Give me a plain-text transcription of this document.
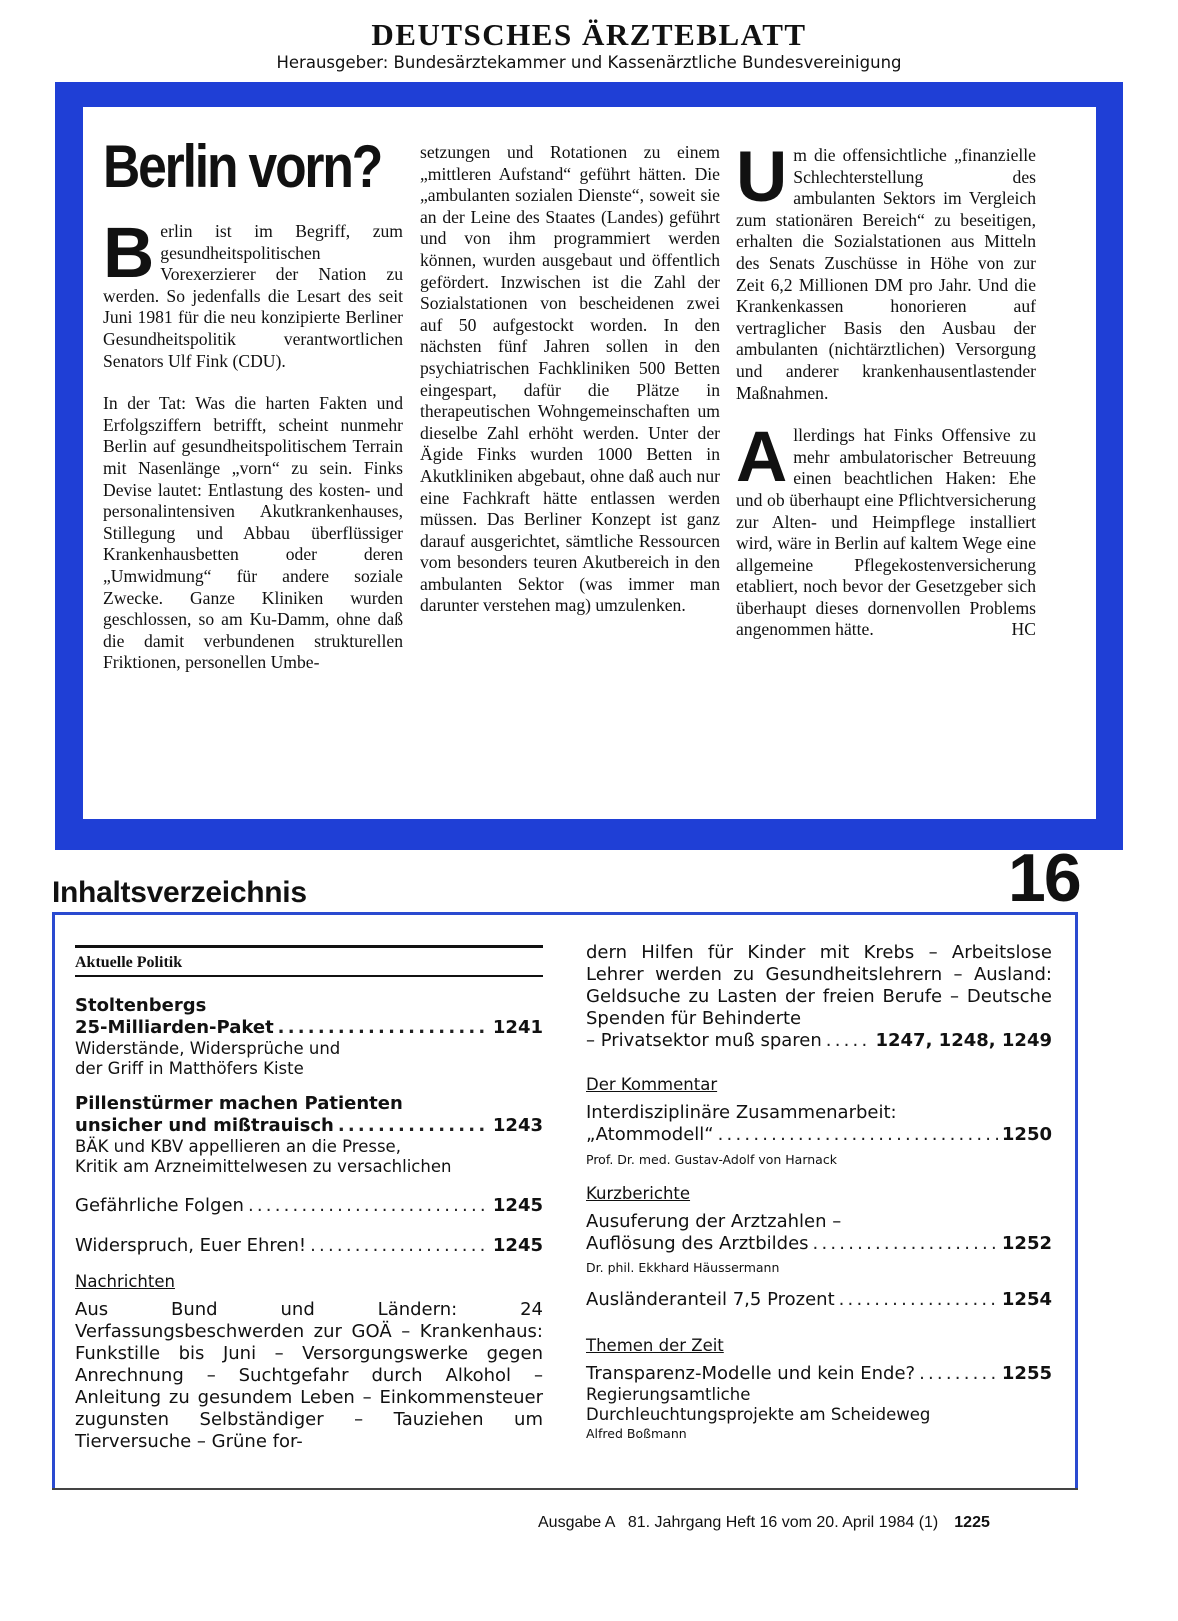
DEUTSCHES ÄRZTEBLATT
Herausgeber: Bundesärztekammer und Kassenärztliche Bundesvereinigung
Berlin vorn?

Berlin ist im Begriff, zum gesundheitspolitischen Vorexerzierer der Nation zu werden. So jedenfalls die Lesart des seit Juni 1981 für die neu konzipierte Berliner Gesundheitspolitik verantwortlichen Senators Ulf Fink (CDU).

In der Tat: Was die harten Fakten und Erfolgsziffern betrifft, scheint nunmehr Berlin auf gesundheitspolitischem Terrain mit Nasenlänge „vorn“ zu sein. Finks Devise lautet: Entlastung des kosten- und personalintensiven Akutkrankenhauses, Stillegung und Abbau überflüssiger Krankenhausbetten oder deren „Umwidmung“ für andere soziale Zwecke. Ganze Kliniken wurden geschlossen, so am Ku-Damm, ohne daß die damit verbundenen strukturellen Friktionen, personellen Umbe-

setzungen und Rotationen zu einem „mittleren Aufstand“ geführt hätten. Die „ambulanten sozialen Dienste“, soweit sie an der Leine des Staates (Landes) geführt und von ihm programmiert werden können, wurden ausgebaut und öffentlich gefördert. Inzwischen ist die Zahl der Sozialstationen von bescheidenen zwei auf 50 aufgestockt worden. In den nächsten fünf Jahren sollen in den psychiatrischen Fachkliniken 500 Betten eingespart, dafür die Plätze in therapeutischen Wohngemeinschaften um dieselbe Zahl erhöht werden. Unter der Ägide Finks wurden 1000 Betten in Akutkliniken abgebaut, ohne daß auch nur eine Fachkraft hätte entlassen werden müssen. Das Berliner Konzept ist ganz darauf ausgerichtet, sämtliche Ressourcen vom besonders teuren Akutbereich in den ambulanten Sektor (was immer man darunter verstehen mag) umzulenken.

Um die offensichtliche „finanzielle Schlechterstellung des ambulanten Sektors im Vergleich zum stationären Bereich“ zu beseitigen, erhalten die Sozialstationen aus Mitteln des Senats Zuschüsse in Höhe von zur Zeit 6,2 Millionen DM pro Jahr. Und die Krankenkassen honorieren auf vertraglicher Basis den Ausbau der ambulanten (nichtärztlichen) Versorgung und anderer krankenhausentlastender Maßnahmen.

Allerdings hat Finks Offensive zu mehr ambulatorischer Betreuung einen beachtlichen Haken: Ehe und ob überhaupt eine Pflichtversicherung zur Alten- und Heimpflege installiert wird, wäre in Berlin auf kaltem Wege eine allgemeine Pflegekostenversicherung etabliert, noch bevor der Gesetzgeber sich überhaupt dieses dornenvollen Problems angenommen hätte.	HC

Inhaltsverzeichnis	16
Aktuelle Politik
Stoltenbergs
25-Milliarden-Paket .....	1241
Widerstände, Widersprüche und
der Griff in Matthöfers Kiste
Pillenstürmer machen Patienten
unsicher und mißtrauisch .....	1243
BÄK und KBV appellieren an die Presse,
Kritik am Arzneimittelwesen zu versachlichen
Gefährliche Folgen .....	1245
Widerspruch, Euer Ehren! .....	1245
Nachrichten
Aus Bund und Ländern: 24 Verfassungsbeschwerden zur GOÄ – Krankenhaus: Funkstille bis Juni – Versorgungswerke gegen Anrechnung – Suchtgefahr durch Alkohol – Anleitung zu gesundem Leben – Einkommensteuer zugunsten Selbständiger – Tauziehen um Tierversuche – Grüne for-
dern Hilfen für Kinder mit Krebs – Arbeitslose Lehrer werden zu Gesundheitslehrern – Ausland: Geldsuche zu Lasten der freien Berufe – Deutsche Spenden für Behinderte
– Privatsektor muß sparen .....	1247, 1248, 1249
Der Kommentar
Interdisziplinäre Zusammenarbeit:
„Atommodell“ .....	1250
Prof. Dr. med. Gustav-Adolf von Harnack
Kurzberichte
Ausuferung der Arztzahlen –
Auflösung des Arztbildes .....	1252
Dr. phil. Ekkhard Häussermann
Ausländeranteil 7,5 Prozent .....	1254
Themen der Zeit
Transparenz-Modelle und kein Ende? .....	1255
Regierungsamtliche
Durchleuchtungsprojekte am Scheideweg
Alfred Boßmann
Ausgabe A   81. Jahrgang Heft 16 vom 20. April 1984 (1) 1225
